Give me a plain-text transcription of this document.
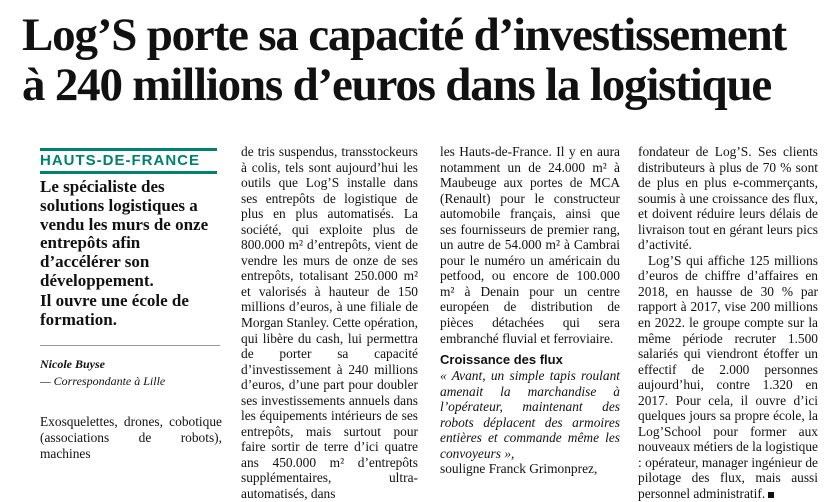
Log’S porte sa capacité d’investissement
à 240 millions d’euros dans la logistique
HAUTS-DE-FRANCE
Le spécialiste des solutions logistiques a vendu les murs de onze entrepôts afin d’accélérer son développement.
Il ouvre une école de formation.
Nicole Buyse
— Correspondante à Lille

Exosquelettes, drones, cobotique (associations de robots), machines

de tris suspendus, transstockeurs à colis, tels sont aujourd’hui les outils que Log’S installe dans ses entrepôts de logistique de plus en plus automatisés. La société, qui exploite plus de 800.000 m² d’entrepôts, vient de vendre les murs de onze de ses entrepôts, totalisant 250.000 m² et valorisés à hauteur de 150 millions d’euros, à une filiale de Morgan Stanley. Cette opération, qui libère du cash, lui permettra de porter sa capacité d’investissement à 240 millions d’euros, d’une part pour doubler ses investissements annuels dans les équipements intérieurs de ses entrepôts, mais surtout pour faire sortir de terre d’ici quatre ans 450.000 m² d’entrepôts supplémentaires, ultra-automatisés, dans

les Hauts-de-France. Il y en aura notamment un de 24.000 m² à Maubeuge aux portes de MCA (Renault) pour le constructeur automobile français, ainsi que ses fournisseurs de premier rang, un autre de 54.000 m² à Cambrai pour le numéro un américain du petfood, ou encore de 100.000 m² à Denain pour un centre européen de distribution de pièces détachées qui sera embranché fluvial et ferroviaire.

Croissance des flux

« Avant, un simple tapis roulant amenait la marchandise à l’opérateur, maintenant des robots déplacent des armoires entières et commande même les convoyeurs »,

souligne Franck Grimonprez,

fondateur de Log’S. Ses clients distributeurs à plus de 70 % sont de plus en plus e-commerçants, soumis à une croissance des flux, et doivent réduire leurs délais de livraison tout en gérant leurs pics d’activité.

Log’S qui affiche 125 millions d’euros de chiffre d’affaires en 2018, en hausse de 30 % par rapport à 2017, vise 200 millions en 2022. le groupe compte sur la même période recruter 1.500 salariés qui viendront étoffer un effectif de 2.000 personnes aujourd’hui, contre 1.320 en 2017. Pour cela, il ouvre d’ici quelques jours sa propre école, la Log’School pour former aux nouveaux métiers de la logistique : opérateur, manager ingénieur de pilotage des flux, mais aussi personnel administratif.
